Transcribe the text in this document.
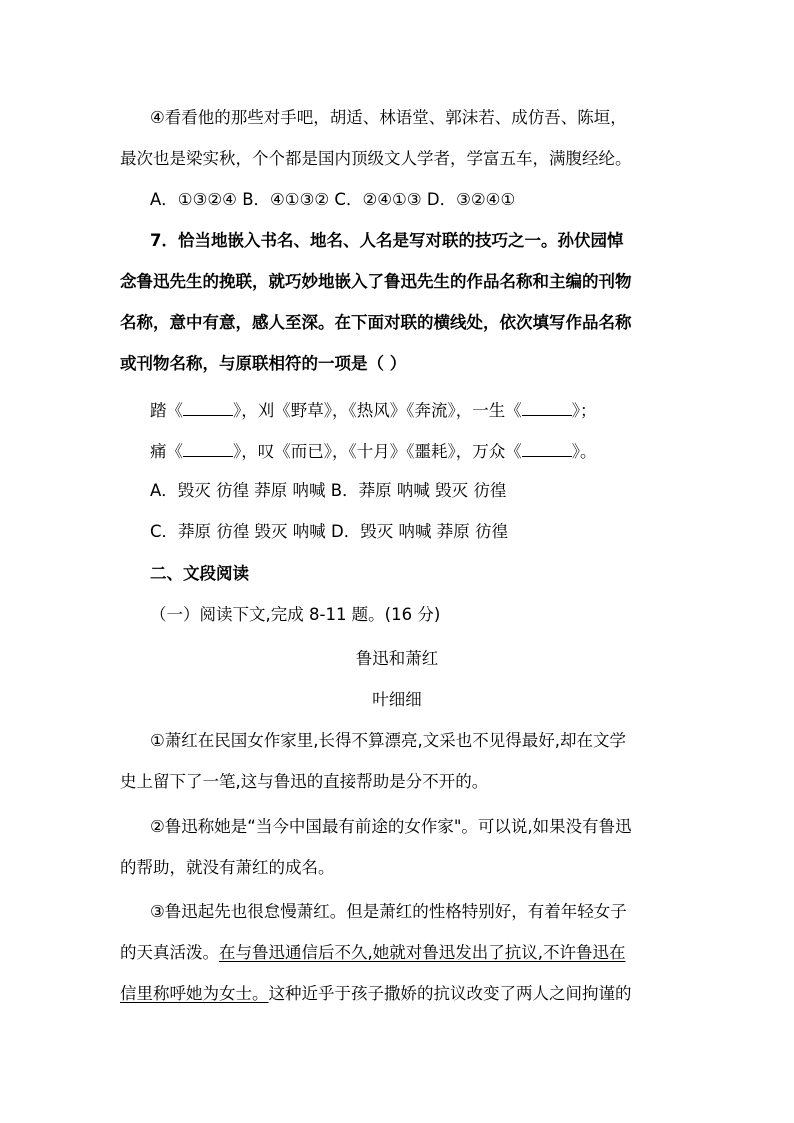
④看看他的那些对手吧，胡适、林语堂、郭沫若、成仿吾、陈垣，
最次也是梁实秋，个个都是国内顶级文人学者，学富五车，满腹经纶。
A．①③②④ B．④①③② C．②④①③ D．③②④①
7．恰当地嵌入书名、地名、人名是写对联的技巧之一。孙伏园悼
念鲁迅先生的挽联，就巧妙地嵌入了鲁迅先生的作品名称和主编的刊物
名称，意中有意，感人至深。在下面对联的横线处，依次填写作品名称
或刊物名称，与原联相符的一项是（ ）
踏《	》，刈《野草》，《热风》《奔流》，一生《	》；
痛《	》，叹《而已》，《十月》《噩耗》，万众《	》。
A．毁灭 彷徨 莽原 呐喊 B．莽原 呐喊 毁灭 彷徨
C．莽原 彷徨 毁灭 呐喊 D．毁灭 呐喊 莽原 彷徨
二、文段阅读
（一）阅读下文,完成 8-11 题。(16 分)
鲁迅和萧红
叶细细
①萧红在民国女作家里,长得不算漂亮,文采也不见得最好,却在文学
史上留下了一笔,这与鲁迅的直接帮助是分不开的。
②鲁迅称她是“当今中国最有前途的女作家"。可以说,如果没有鲁迅
的帮助，就没有萧红的成名。
③鲁迅起先也很怠慢萧红。但是萧红的性格特别好，有着年轻女子
的天真活泼。在与鲁迅通信后不久,她就对鲁迅发出了抗议,不许鲁迅在
信里称呼她为女士。这种近乎于孩子撒娇的抗议改变了两人之间拘谨的
